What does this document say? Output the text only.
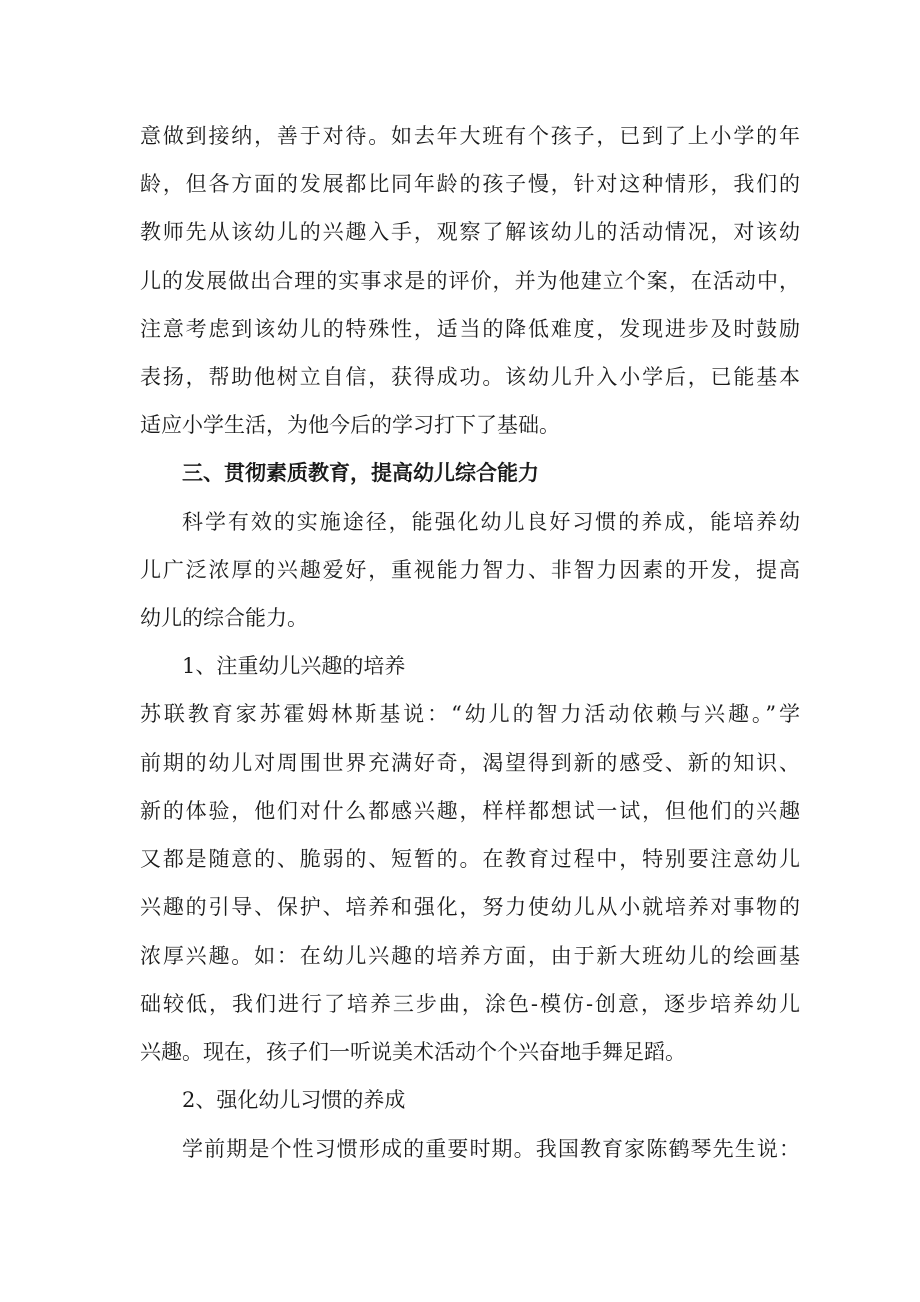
意做到接纳，善于对待。如去年大班有个孩子，已到了上小学的年
龄，但各方面的发展都比同年龄的孩子慢，针对这种情形，我们的
教师先从该幼儿的兴趣入手，观察了解该幼儿的活动情况，对该幼
儿的发展做出合理的实事求是的评价，并为他建立个案，在活动中，
注意考虑到该幼儿的特殊性，适当的降低难度，发现进步及时鼓励
表扬，帮助他树立自信，获得成功。该幼儿升入小学后，已能基本
适应小学生活，为他今后的学习打下了基础。
三、贯彻素质教育，提高幼儿综合能力
科学有效的实施途径，能强化幼儿良好习惯的养成，能培养幼
儿广泛浓厚的兴趣爱好，重视能力智力、非智力因素的开发，提高
幼儿的综合能力。
1、注重幼儿兴趣的培养
苏联教育家苏霍姆林斯基说：“幼儿的智力活动依赖与兴趣。”学
前期的幼儿对周围世界充满好奇，渴望得到新的感受、新的知识、
新的体验，他们对什么都感兴趣，样样都想试一试，但他们的兴趣
又都是随意的、脆弱的、短暂的。在教育过程中，特别要注意幼儿
兴趣的引导、保护、培养和强化，努力使幼儿从小就培养对事物的
浓厚兴趣。如：在幼儿兴趣的培养方面，由于新大班幼儿的绘画基
础较低，我们进行了培养三步曲，涂色-模仿-创意，逐步培养幼儿
兴趣。现在，孩子们一听说美术活动个个兴奋地手舞足蹈。
2、强化幼儿习惯的养成
学前期是个性习惯形成的重要时期。我国教育家陈鹤琴先生说：
